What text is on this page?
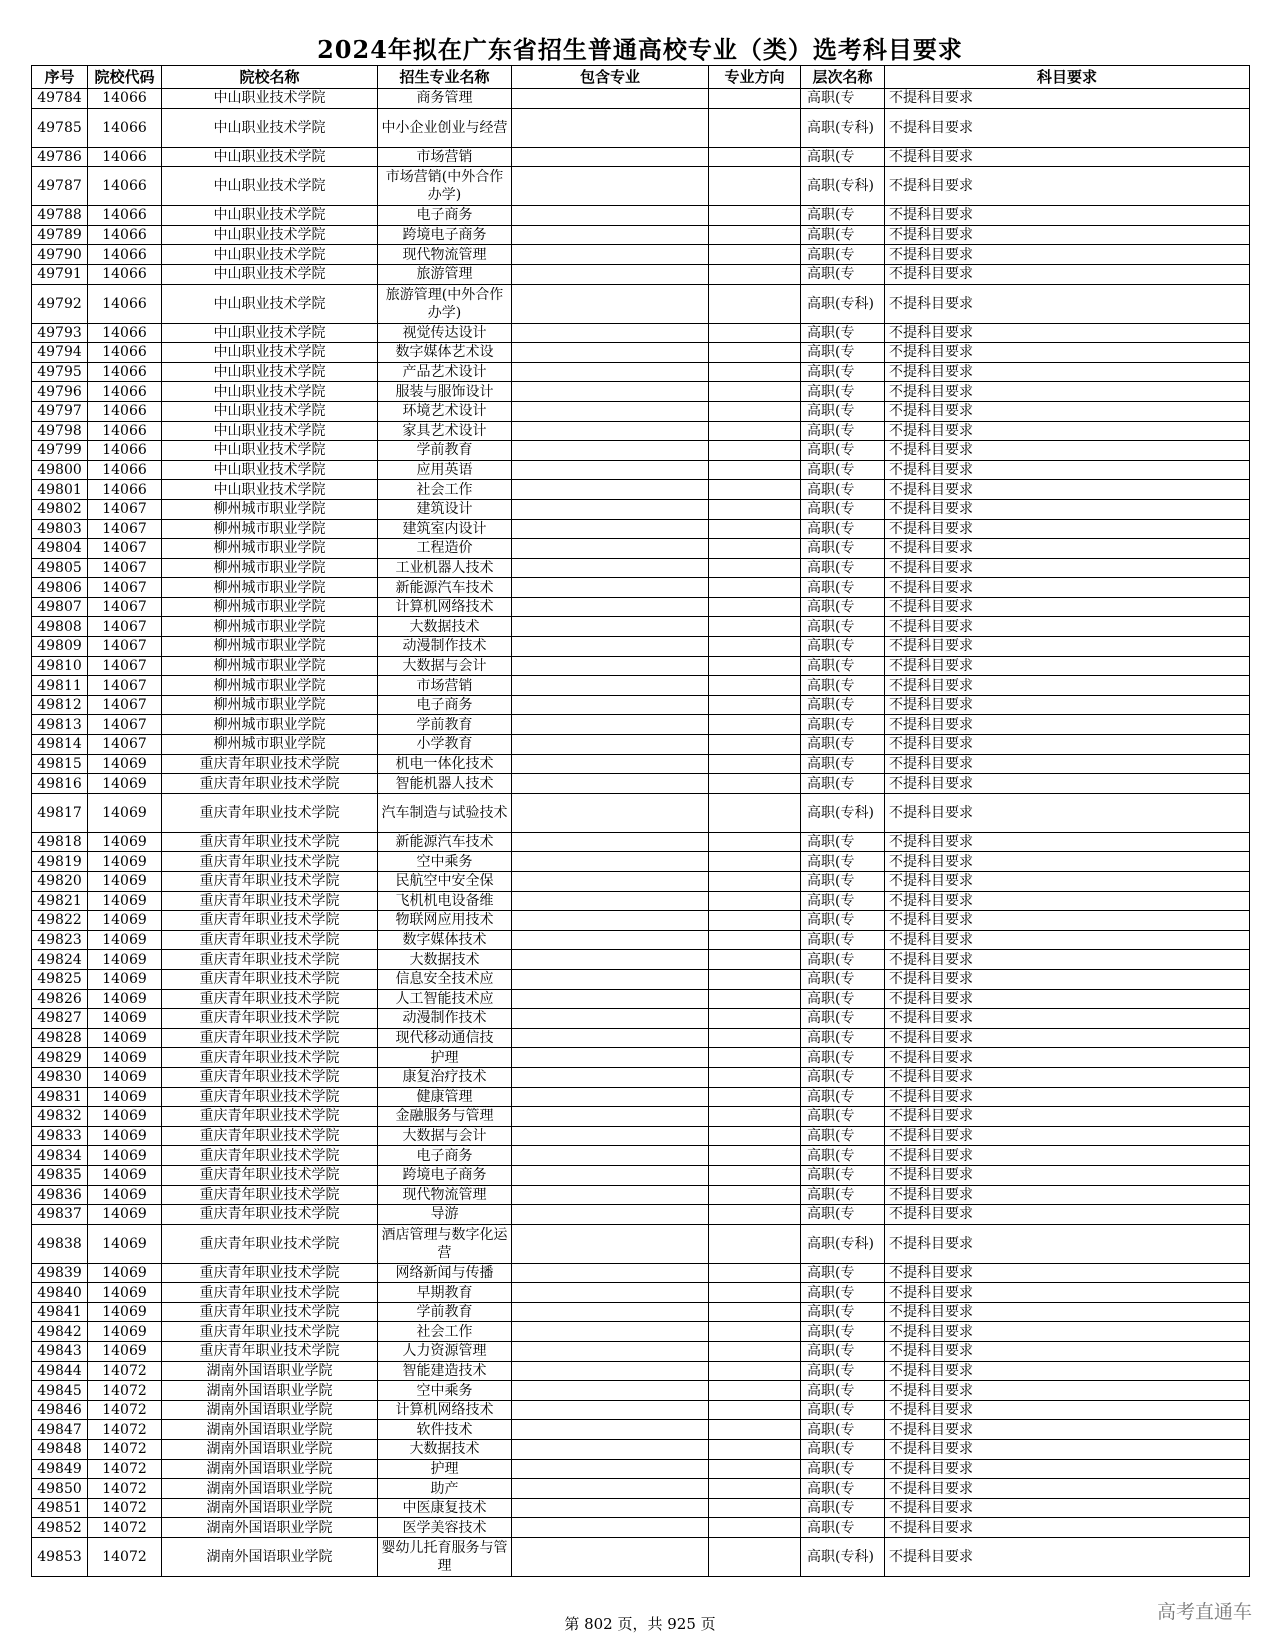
2024年拟在广东省招生普通高校专业（类）选考科目要求
序号	院校代码	院校名称	招生专业名称	包含专业	专业方向	层次名称	科目要求
49784	14066	中山职业技术学院	商务管理			高职(专	不提科目要求
49785	14066	中山职业技术学院	中小企业创业与经营			高职(专科)	不提科目要求
49786	14066	中山职业技术学院	市场营销			高职(专	不提科目要求
49787	14066	中山职业技术学院	市场营销(中外合作办学)			高职(专科)	不提科目要求
49788	14066	中山职业技术学院	电子商务			高职(专	不提科目要求
49789	14066	中山职业技术学院	跨境电子商务			高职(专	不提科目要求
49790	14066	中山职业技术学院	现代物流管理			高职(专	不提科目要求
49791	14066	中山职业技术学院	旅游管理			高职(专	不提科目要求
49792	14066	中山职业技术学院	旅游管理(中外合作办学)			高职(专科)	不提科目要求
49793	14066	中山职业技术学院	视觉传达设计			高职(专	不提科目要求
49794	14066	中山职业技术学院	数字媒体艺术设			高职(专	不提科目要求
49795	14066	中山职业技术学院	产品艺术设计			高职(专	不提科目要求
49796	14066	中山职业技术学院	服装与服饰设计			高职(专	不提科目要求
49797	14066	中山职业技术学院	环境艺术设计			高职(专	不提科目要求
49798	14066	中山职业技术学院	家具艺术设计			高职(专	不提科目要求
49799	14066	中山职业技术学院	学前教育			高职(专	不提科目要求
49800	14066	中山职业技术学院	应用英语			高职(专	不提科目要求
49801	14066	中山职业技术学院	社会工作			高职(专	不提科目要求
49802	14067	柳州城市职业学院	建筑设计			高职(专	不提科目要求
49803	14067	柳州城市职业学院	建筑室内设计			高职(专	不提科目要求
49804	14067	柳州城市职业学院	工程造价			高职(专	不提科目要求
49805	14067	柳州城市职业学院	工业机器人技术			高职(专	不提科目要求
49806	14067	柳州城市职业学院	新能源汽车技术			高职(专	不提科目要求
49807	14067	柳州城市职业学院	计算机网络技术			高职(专	不提科目要求
49808	14067	柳州城市职业学院	大数据技术			高职(专	不提科目要求
49809	14067	柳州城市职业学院	动漫制作技术			高职(专	不提科目要求
49810	14067	柳州城市职业学院	大数据与会计			高职(专	不提科目要求
49811	14067	柳州城市职业学院	市场营销			高职(专	不提科目要求
49812	14067	柳州城市职业学院	电子商务			高职(专	不提科目要求
49813	14067	柳州城市职业学院	学前教育			高职(专	不提科目要求
49814	14067	柳州城市职业学院	小学教育			高职(专	不提科目要求
49815	14069	重庆青年职业技术学院	机电一体化技术			高职(专	不提科目要求
49816	14069	重庆青年职业技术学院	智能机器人技术			高职(专	不提科目要求
49817	14069	重庆青年职业技术学院	汽车制造与试验技术			高职(专科)	不提科目要求
49818	14069	重庆青年职业技术学院	新能源汽车技术			高职(专	不提科目要求
49819	14069	重庆青年职业技术学院	空中乘务			高职(专	不提科目要求
49820	14069	重庆青年职业技术学院	民航空中安全保			高职(专	不提科目要求
49821	14069	重庆青年职业技术学院	飞机机电设备维			高职(专	不提科目要求
49822	14069	重庆青年职业技术学院	物联网应用技术			高职(专	不提科目要求
49823	14069	重庆青年职业技术学院	数字媒体技术			高职(专	不提科目要求
49824	14069	重庆青年职业技术学院	大数据技术			高职(专	不提科目要求
49825	14069	重庆青年职业技术学院	信息安全技术应			高职(专	不提科目要求
49826	14069	重庆青年职业技术学院	人工智能技术应			高职(专	不提科目要求
49827	14069	重庆青年职业技术学院	动漫制作技术			高职(专	不提科目要求
49828	14069	重庆青年职业技术学院	现代移动通信技			高职(专	不提科目要求
49829	14069	重庆青年职业技术学院	护理			高职(专	不提科目要求
49830	14069	重庆青年职业技术学院	康复治疗技术			高职(专	不提科目要求
49831	14069	重庆青年职业技术学院	健康管理			高职(专	不提科目要求
49832	14069	重庆青年职业技术学院	金融服务与管理			高职(专	不提科目要求
49833	14069	重庆青年职业技术学院	大数据与会计			高职(专	不提科目要求
49834	14069	重庆青年职业技术学院	电子商务			高职(专	不提科目要求
49835	14069	重庆青年职业技术学院	跨境电子商务			高职(专	不提科目要求
49836	14069	重庆青年职业技术学院	现代物流管理			高职(专	不提科目要求
49837	14069	重庆青年职业技术学院	导游			高职(专	不提科目要求
49838	14069	重庆青年职业技术学院	酒店管理与数字化运营			高职(专科)	不提科目要求
49839	14069	重庆青年职业技术学院	网络新闻与传播			高职(专	不提科目要求
49840	14069	重庆青年职业技术学院	早期教育			高职(专	不提科目要求
49841	14069	重庆青年职业技术学院	学前教育			高职(专	不提科目要求
49842	14069	重庆青年职业技术学院	社会工作			高职(专	不提科目要求
49843	14069	重庆青年职业技术学院	人力资源管理			高职(专	不提科目要求
49844	14072	湖南外国语职业学院	智能建造技术			高职(专	不提科目要求
49845	14072	湖南外国语职业学院	空中乘务			高职(专	不提科目要求
49846	14072	湖南外国语职业学院	计算机网络技术			高职(专	不提科目要求
49847	14072	湖南外国语职业学院	软件技术			高职(专	不提科目要求
49848	14072	湖南外国语职业学院	大数据技术			高职(专	不提科目要求
49849	14072	湖南外国语职业学院	护理			高职(专	不提科目要求
49850	14072	湖南外国语职业学院	助产			高职(专	不提科目要求
49851	14072	湖南外国语职业学院	中医康复技术			高职(专	不提科目要求
49852	14072	湖南外国语职业学院	医学美容技术			高职(专	不提科目要求
49853	14072	湖南外国语职业学院	婴幼儿托育服务与管理			高职(专科)	不提科目要求
第 802 页，共 925 页
高考直通车
